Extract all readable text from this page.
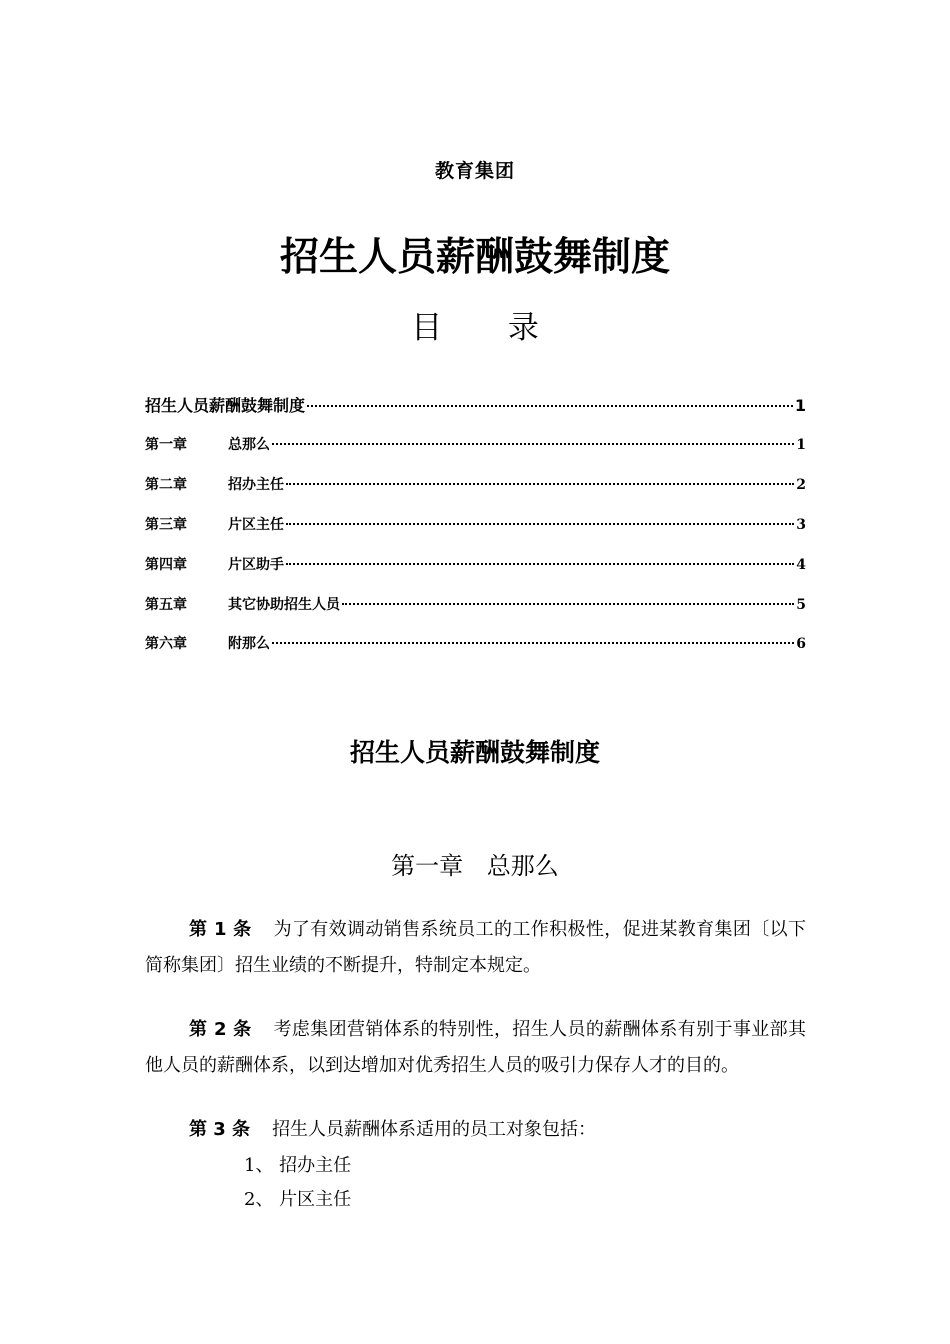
教育集团
招生人员薪酬鼓舞制度
目 录
招生人员薪酬鼓舞制度	1
第一章	总那么	1
第二章	招办主任	2
第三章	片区主任	3
第四章	片区助手	4
第五章	其它协助招生人员	5
第六章	附那么	6
招生人员薪酬鼓舞制度
第一章 总那么
第 1 条 为了有效调动销售系统员工的工作积极性，促进某教育集团〔以下简称集团〕招生业绩的不断提升，特制定本规定。
第 2 条 考虑集团营销体系的特别性，招生人员的薪酬体系有别于事业部其他人员的薪酬体系，以到达增加对优秀招生人员的吸引力保存人才的目的。
第 3 条 招生人员薪酬体系适用的员工对象包括：
1、 招办主任
2、 片区主任
